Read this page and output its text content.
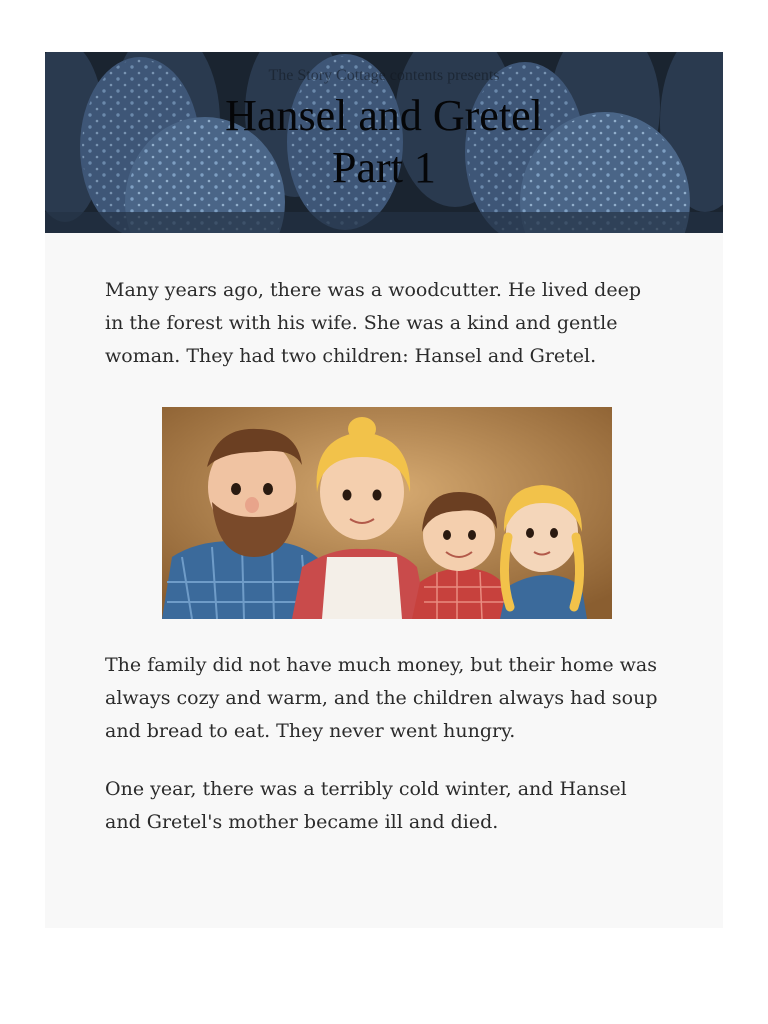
The Story Cottage contents presents
Hansel and Gretel
Part 1

Many years ago, there was a woodcutter. He lived deep in the forest with his wife. She was a kind and gentle woman. They had two children: Hansel and Gretel.

The family did not have much money, but their home was always cozy and warm, and the children always had soup and bread to eat. They never went hungry.

One year, there was a terribly cold winter, and Hansel and Gretel's mother became ill and died.
